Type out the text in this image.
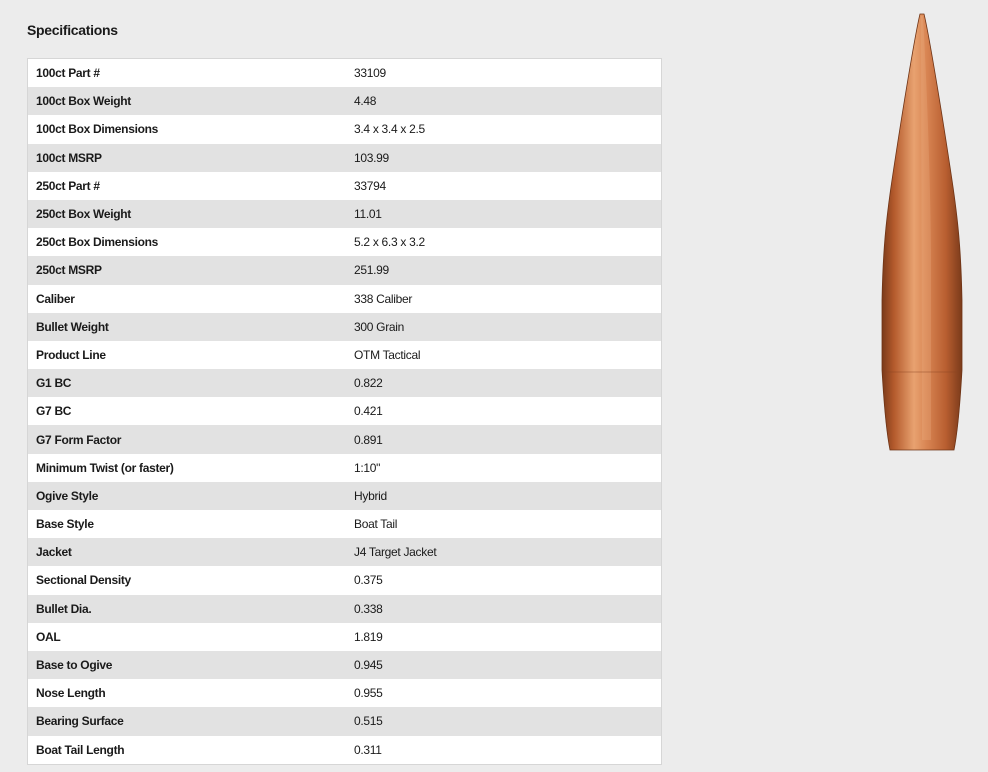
Specifications
100ct Part #	33109
100ct Box Weight	4.48
100ct Box Dimensions	3.4 x 3.4 x 2.5
100ct MSRP	103.99
250ct Part #	33794
250ct Box Weight	11.01
250ct Box Dimensions	5.2 x 6.3 x 3.2
250ct MSRP	251.99
Caliber	338 Caliber
Bullet Weight	300 Grain
Product Line	OTM Tactical
G1 BC	0.822
G7 BC	0.421
G7 Form Factor	0.891
Minimum Twist (or faster)	1:10"
Ogive Style	Hybrid
Base Style	Boat Tail
Jacket	J4 Target Jacket
Sectional Density	0.375
Bullet Dia.	0.338
OAL	1.819
Base to Ogive	0.945
Nose Length	0.955
Bearing Surface	0.515
Boat Tail Length	0.311
